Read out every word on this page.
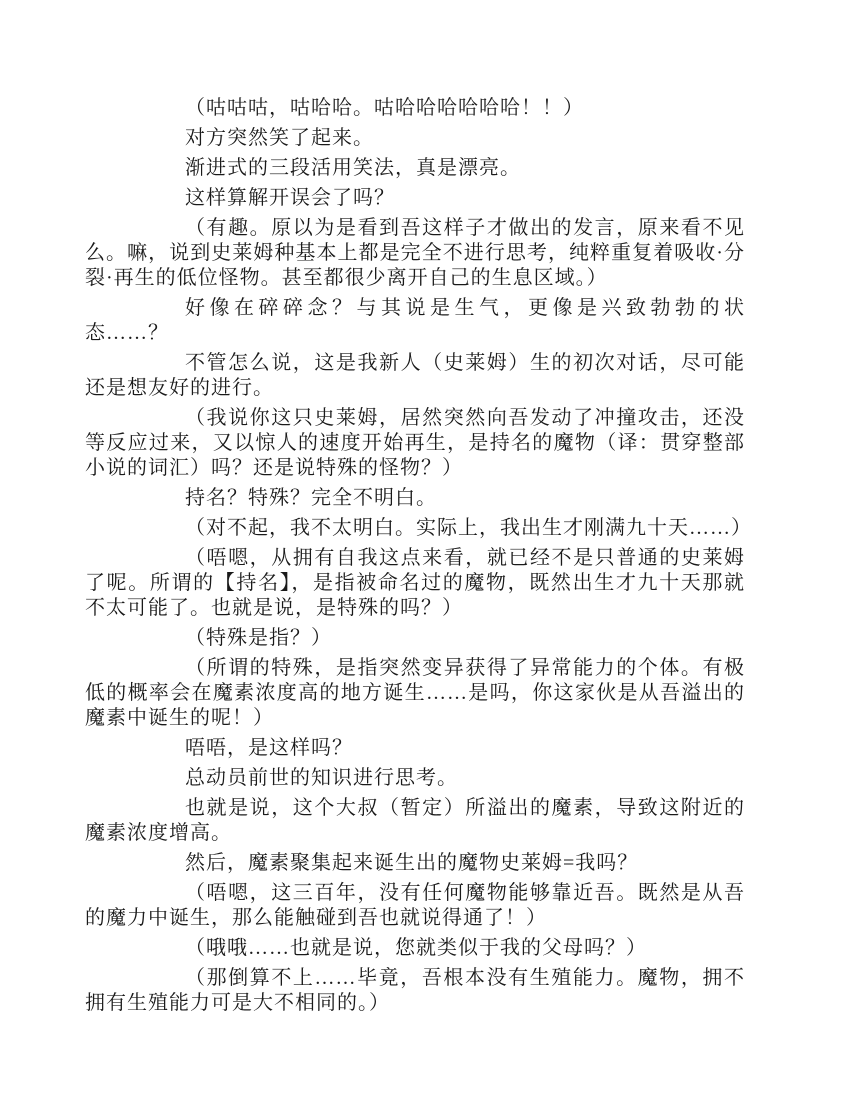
（咕咕咕，咕哈哈。咕哈哈哈哈哈哈！！）

对方突然笑了起来。

渐进式的三段活用笑法，真是漂亮。

这样算解开误会了吗？

（有趣。原以为是看到吾这样子才做出的发言，原来看不见么。嘛，说到史莱姆种基本上都是完全不进行思考，纯粹重复着吸收·分裂·再生的低位怪物。甚至都很少离开自己的生息区域。）

好像在碎碎念？与其说是生气，更像是兴致勃勃的状态……？

不管怎么说，这是我新人（史莱姆）生的初次对话，尽可能还是想友好的进行。

（我说你这只史莱姆，居然突然向吾发动了冲撞攻击，还没等反应过来，又以惊人的速度开始再生，是持名的魔物（译：贯穿整部小说的词汇）吗？还是说特殊的怪物？）

持名？特殊？完全不明白。

（对不起，我不太明白。实际上，我出生才刚满九十天……）

（唔嗯，从拥有自我这点来看，就已经不是只普通的史莱姆了呢。所谓的【持名】，是指被命名过的魔物，既然出生才九十天那就不太可能了。也就是说，是特殊的吗？）

（特殊是指？）

（所谓的特殊，是指突然变异获得了异常能力的个体。有极低的概率会在魔素浓度高的地方诞生……是吗，你这家伙是从吾溢出的魔素中诞生的呢！）

唔唔，是这样吗？

总动员前世的知识进行思考。

也就是说，这个大叔（暂定）所溢出的魔素，导致这附近的魔素浓度增高。

然后，魔素聚集起来诞生出的魔物史莱姆=我吗？

（唔嗯，这三百年，没有任何魔物能够靠近吾。既然是从吾的魔力中诞生，那么能触碰到吾也就说得通了！）

（哦哦……也就是说，您就类似于我的父母吗？）

（那倒算不上……毕竟，吾根本没有生殖能力。魔物，拥不拥有生殖能力可是大不相同的。）
